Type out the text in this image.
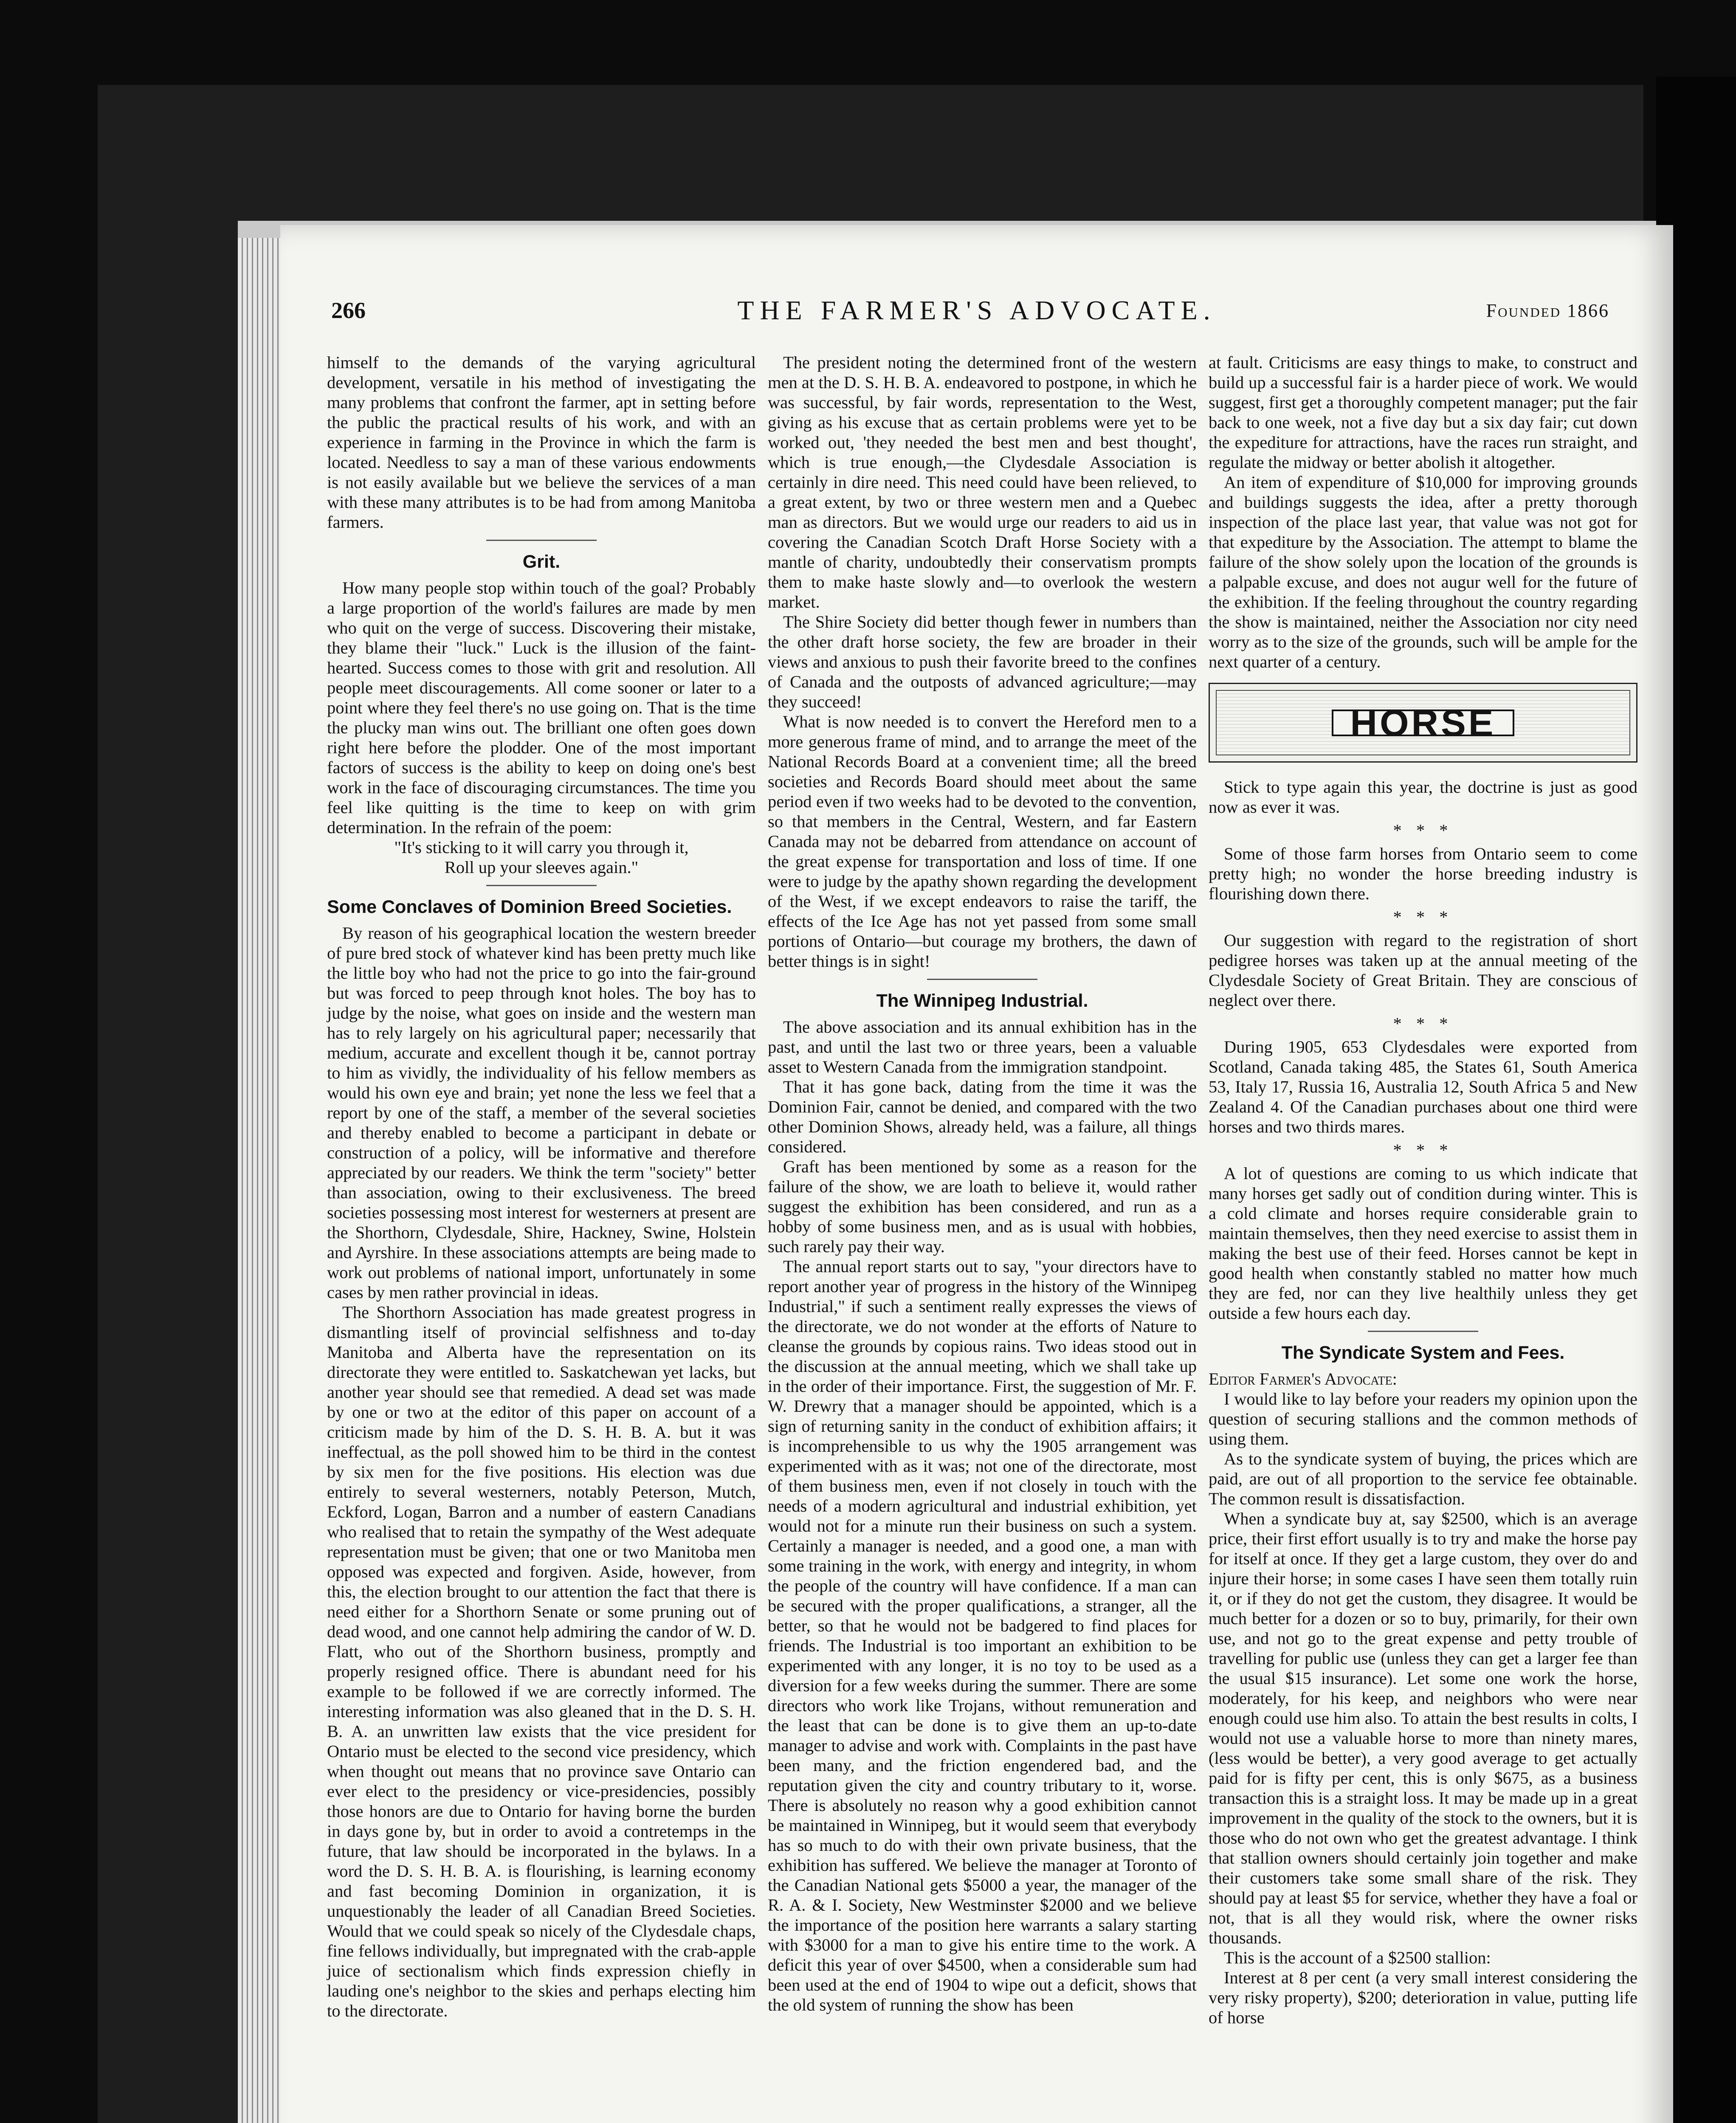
266	THE FARMER'S ADVOCATE.	Founded 1866

himself to the demands of the varying agricultural development, versatile in his method of investigating the many problems that confront the farmer, apt in setting before the public the practical results of his work, and with an experience in farming in the Province in which the farm is located. Needless to say a man of these various endowments is not easily available but we believe the services of a man with these many attributes is to be had from among Manitoba farmers.

Grit.

How many people stop within touch of the goal? Probably a large proportion of the world's failures are made by men who quit on the verge of success. Discovering their mistake, they blame their "luck." Luck is the illusion of the faint-hearted. Success comes to those with grit and resolution. All people meet discouragements. All come sooner or later to a point where they feel there's no use going on. That is the time the plucky man wins out. The brilliant one often goes down right here before the plodder. One of the most important factors of success is the ability to keep on doing one's best work in the face of discouraging circumstances. The time you feel like quitting is the time to keep on with grim determination. In the refrain of the poem:

"It's sticking to it will carry you through it,

Roll up your sleeves again."

Some Conclaves of Dominion Breed Societies.

By reason of his geographical location the western breeder of pure bred stock of whatever kind has been pretty much like the little boy who had not the price to go into the fair-ground but was forced to peep through knot holes. The boy has to judge by the noise, what goes on inside and the western man has to rely largely on his agricultural paper; necessarily that medium, accurate and excellent though it be, cannot portray to him as vividly, the individuality of his fellow members as would his own eye and brain; yet none the less we feel that a report by one of the staff, a member of the several societies and thereby enabled to become a participant in debate or construction of a policy, will be informative and therefore appreciated by our readers. We think the term "society" better than association, owing to their exclusiveness. The breed societies possessing most interest for westerners at present are the Shorthorn, Clydesdale, Shire, Hackney, Swine, Holstein and Ayrshire. In these associations attempts are being made to work out problems of national import, unfortunately in some cases by men rather provincial in ideas.

The Shorthorn Association has made greatest progress in dismantling itself of provincial selfishness and to-day Manitoba and Alberta have the representation on its directorate they were entitled to. Saskatchewan yet lacks, but another year should see that remedied. A dead set was made by one or two at the editor of this paper on account of a criticism made by him of the D. S. H. B. A. but it was ineffectual, as the poll showed him to be third in the contest by six men for the five positions. His election was due entirely to several westerners, notably Peterson, Mutch, Eckford, Logan, Barron and a number of eastern Canadians who realised that to retain the sympathy of the West adequate representation must be given; that one or two Manitoba men opposed was expected and forgiven. Aside, however, from this, the election brought to our attention the fact that there is need either for a Shorthorn Senate or some pruning out of dead wood, and one cannot help admiring the candor of W. D. Flatt, who out of the Shorthorn business, promptly and properly resigned office. There is abundant need for his example to be followed if we are correctly informed. The interesting information was also gleaned that in the D. S. H. B. A. an unwritten law exists that the vice president for Ontario must be elected to the second vice presidency, which when thought out means that no province save Ontario can ever elect to the presidency or vice-presidencies, possibly those honors are due to Ontario for having borne the burden in days gone by, but in order to avoid a contretemps in the future, that law should be incorporated in the bylaws. In a word the D. S. H. B. A. is flourishing, is learning economy and fast becoming Dominion in organization, it is unquestionably the leader of all Canadian Breed Societies. Would that we could speak so nicely of the Clydesdale chaps, fine fellows individually, but impregnated with the crab-apple juice of sectionalism which finds expression chiefly in lauding one's neighbor to the skies and perhaps electing him to the directorate.

The president noting the determined front of the western men at the D. S. H. B. A. endeavored to postpone, in which he was successful, by fair words, representation to the West, giving as his excuse that as certain problems were yet to be worked out, 'they needed the best men and best thought', which is true enough,—the Clydesdale Association is certainly in dire need. This need could have been relieved, to a great extent, by two or three western men and a Quebec man as directors. But we would urge our readers to aid us in covering the Canadian Scotch Draft Horse Society with a mantle of charity, undoubtedly their conservatism prompts them to make haste slowly and—to overlook the western market.

The Shire Society did better though fewer in numbers than the other draft horse society, the few are broader in their views and anxious to push their favorite breed to the confines of Canada and the outposts of advanced agriculture;—may they succeed!

What is now needed is to convert the Hereford men to a more generous frame of mind, and to arrange the meet of the National Records Board at a convenient time; all the breed societies and Records Board should meet about the same period even if two weeks had to be devoted to the convention, so that members in the Central, Western, and far Eastern Canada may not be debarred from attendance on account of the great expense for transportation and loss of time. If one were to judge by the apathy shown regarding the development of the West, if we except endeavors to raise the tariff, the effects of the Ice Age has not yet passed from some small portions of Ontario—but courage my brothers, the dawn of better things is in sight!

The Winnipeg Industrial.

The above association and its annual exhibition has in the past, and until the last two or three years, been a valuable asset to Western Canada from the immigration standpoint.

That it has gone back, dating from the time it was the Dominion Fair, cannot be denied, and compared with the two other Dominion Shows, already held, was a failure, all things considered.

Graft has been mentioned by some as a reason for the failure of the show, we are loath to believe it, would rather suggest the exhibition has been considered, and run as a hobby of some business men, and as is usual with hobbies, such rarely pay their way.

The annual report starts out to say, "your directors have to report another year of progress in the history of the Winnipeg Industrial," if such a sentiment really expresses the views of the directorate, we do not wonder at the efforts of Nature to cleanse the grounds by copious rains. Two ideas stood out in the discussion at the annual meeting, which we shall take up in the order of their importance. First, the suggestion of Mr. F. W. Drewry that a manager should be appointed, which is a sign of returning sanity in the conduct of exhibition affairs; it is incomprehensible to us why the 1905 arrangement was experimented with as it was; not one of the directorate, most of them business men, even if not closely in touch with the needs of a modern agricultural and industrial exhibition, yet would not for a minute run their business on such a system. Certainly a manager is needed, and a good one, a man with some training in the work, with energy and integrity, in whom the people of the country will have confidence. If a man can be secured with the proper qualifications, a stranger, all the better, so that he would not be badgered to find places for friends. The Industrial is too important an exhibition to be experimented with any longer, it is no toy to be used as a diversion for a few weeks during the summer. There are some directors who work like Trojans, without remuneration and the least that can be done is to give them an up-to-date manager to advise and work with. Complaints in the past have been many, and the friction engendered bad, and the reputation given the city and country tributary to it, worse. There is absolutely no reason why a good exhibition cannot be maintained in Winnipeg, but it would seem that everybody has so much to do with their own private business, that the exhibition has suffered. We believe the manager at Toronto of the Canadian National gets $5000 a year, the manager of the R. A. & I. Society, New Westminster $2000 and we believe the importance of the position here warrants a salary starting with $3000 for a man to give his entire time to the work. A deficit this year of over $4500, when a considerable sum had been used at the end of 1904 to wipe out a deficit, shows that the old system of running the show has been

at fault. Criticisms are easy things to make, to construct and build up a successful fair is a harder piece of work. We would suggest, first get a thoroughly competent manager; put the fair back to one week, not a five day but a six day fair; cut down the expediture for attractions, have the races run straight, and regulate the midway or better abolish it altogether.

An item of expenditure of $10,000 for improving grounds and buildings suggests the idea, after a pretty thorough inspection of the place last year, that value was not got for that expediture by the Association. The attempt to blame the failure of the show solely upon the location of the grounds is a palpable excuse, and does not augur well for the future of the exhibition. If the feeling throughout the country regarding the show is maintained, neither the Association nor city need worry as to the size of the grounds, such will be ample for the next quarter of a century.

HORSE

Stick to type again this year, the doctrine is just as good now as ever it was.

* * *

Some of those farm horses from Ontario seem to come pretty high; no wonder the horse breeding industry is flourishing down there.

* * *

Our suggestion with regard to the registration of short pedigree horses was taken up at the annual meeting of the Clydesdale Society of Great Britain. They are conscious of neglect over there.

* * *

During 1905, 653 Clydesdales were exported from Scotland, Canada taking 485, the States 61, South America 53, Italy 17, Russia 16, Australia 12, South Africa 5 and New Zealand 4. Of the Canadian purchases about one third were horses and two thirds mares.

* * *

A lot of questions are coming to us which indicate that many horses get sadly out of condition during winter. This is a cold climate and horses require considerable grain to maintain themselves, then they need exercise to assist them in making the best use of their feed. Horses cannot be kept in good health when constantly stabled no matter how much they are fed, nor can they live healthily unless they get outside a few hours each day.

The Syndicate System and Fees.

Editor Farmer's Advocate:

I would like to lay before your readers my opinion upon the question of securing stallions and the common methods of using them.

As to the syndicate system of buying, the prices which are paid, are out of all proportion to the service fee obtainable. The common result is dissatisfaction.

When a syndicate buy at, say $2500, which is an average price, their first effort usually is to try and make the horse pay for itself at once. If they get a large custom, they over do and injure their horse; in some cases I have seen them totally ruin it, or if they do not get the custom, they disagree. It would be much better for a dozen or so to buy, primarily, for their own use, and not go to the great expense and petty trouble of travelling for public use (unless they can get a larger fee than the usual $15 insurance). Let some one work the horse, moderately, for his keep, and neighbors who were near enough could use him also. To attain the best results in colts, I would not use a valuable horse to more than ninety mares, (less would be better), a very good average to get actually paid for is fifty per cent, this is only $675, as a business transaction this is a straight loss. It may be made up in a great improvement in the quality of the stock to the owners, but it is those who do not own who get the greatest advantage. I think that stallion owners should certainly join together and make their customers take some small share of the risk. They should pay at least $5 for service, whether they have a foal or not, that is all they would risk, where the owner risks thousands.

This is the account of a $2500 stallion:

Interest at 8 per cent (a very small interest considering the very risky property), $200; deterioration in value, putting life of horse
